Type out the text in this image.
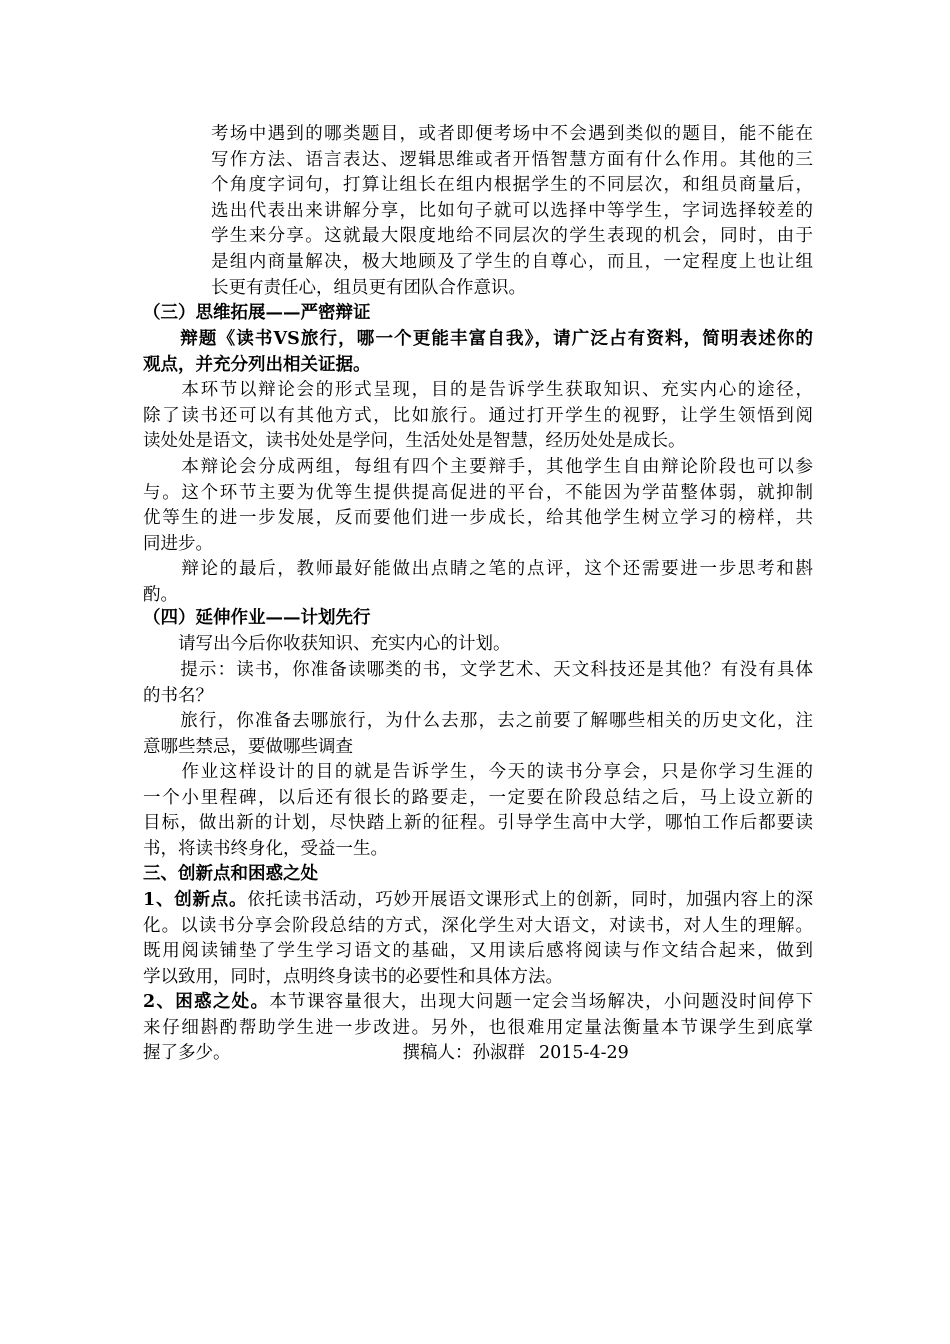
考场中遇到的哪类题目，或者即便考场中不会遇到类似的题目，能不能在
写作方法、语言表达、逻辑思维或者开悟智慧方面有什么作用。其他的三
个角度字词句，打算让组长在组内根据学生的不同层次，和组员商量后，
选出代表出来讲解分享，比如句子就可以选择中等学生，字词选择较差的
学生来分享。这就最大限度地给不同层次的学生表现的机会，同时，由于
是组内商量解决，极大地顾及了学生的自尊心，而且，一定程度上也让组
长更有责任心，组员更有团队合作意识。
（三）思维拓展——严密辩证
　　辩题《读书VS旅行，哪一个更能丰富自我》，请广泛占有资料，简明表述你的
观点，并充分列出相关证据。
　　本环节以辩论会的形式呈现，目的是告诉学生获取知识、充实内心的途径，
除了读书还可以有其他方式，比如旅行。通过打开学生的视野，让学生领悟到阅
读处处是语文，读书处处是学问，生活处处是智慧，经历处处是成长。
　　本辩论会分成两组，每组有四个主要辩手，其他学生自由辩论阶段也可以参
与。这个环节主要为优等生提供提高促进的平台，不能因为学苗整体弱，就抑制
优等生的进一步发展，反而要他们进一步成长，给其他学生树立学习的榜样，共
同进步。
　　辩论的最后，教师最好能做出点睛之笔的点评，这个还需要进一步思考和斟
酌。
（四）延伸作业——计划先行
　　请写出今后你收获知识、充实内心的计划。
　　提示：读书，你准备读哪类的书，文学艺术、天文科技还是其他？有没有具体
的书名？
　　旅行，你准备去哪旅行，为什么去那，去之前要了解哪些相关的历史文化，注
意哪些禁忌，要做哪些调查
　　作业这样设计的目的就是告诉学生，今天的读书分享会，只是你学习生涯的
一个小里程碑，以后还有很长的路要走，一定要在阶段总结之后，马上设立新的
目标，做出新的计划，尽快踏上新的征程。引导学生高中大学，哪怕工作后都要读
书，将读书终身化，受益一生。
三、创新点和困惑之处
1、创新点。依托读书活动，巧妙开展语文课形式上的创新，同时，加强内容上的深
化。以读书分享会阶段总结的方式，深化学生对大语文，对读书，对人生的理解。
既用阅读铺垫了学生学习语文的基础，又用读后感将阅读与作文结合起来，做到
学以致用，同时，点明终身读书的必要性和具体方法。
2、困惑之处。本节课容量很大，出现大问题一定会当场解决，小问题没时间停下
来仔细斟酌帮助学生进一步改进。另外，也很难用定量法衡量本节课学生到底掌
握了多少。	撰稿人：孙淑群 2015-4-29
